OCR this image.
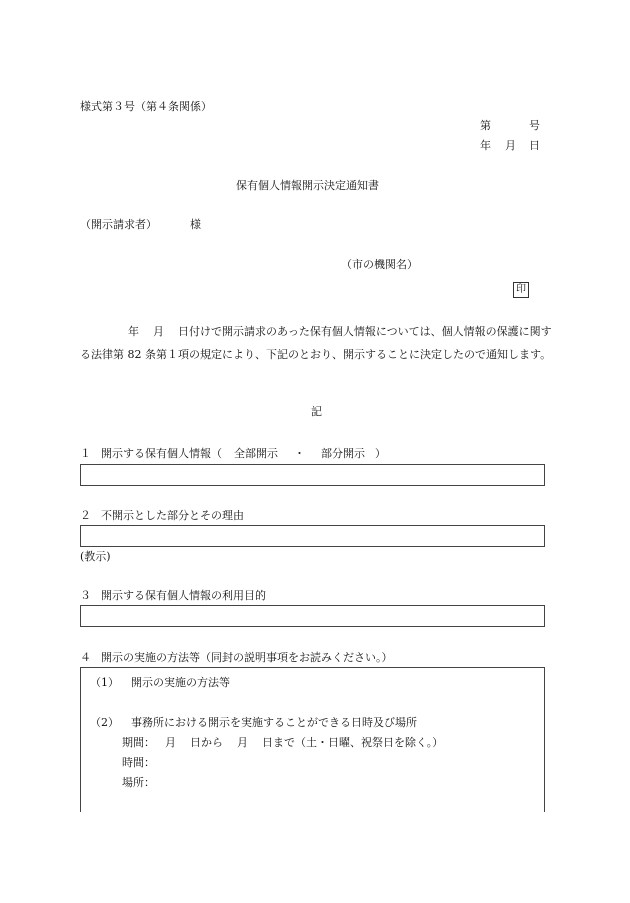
様式第３号（第４条関係）
第	号
年 月 日
保有個人情報開示決定通知書
（開示請求者）	様
（市の機関名）
印
年 月 日付けで開示請求のあった保有個人情報については、個人情報の保護に関する法律第 82 条第１項の規定により、下記のとおり、開示することに決定したので通知します。
記
１ 開示する保有個人情報（ 全部開示 ・ 部分開示 ）
２ 不開示とした部分とその理由
(教示)
３ 開示する保有個人情報の利用目的
４ 開示の実施の方法等（同封の説明事項をお読みください。）
（1） 開示の実施の方法等
（2） 事務所における開示を実施することができる日時及び場所
期間： 月 日から 月 日まで（土・日曜、祝祭日を除く。）
時間：
場所：
